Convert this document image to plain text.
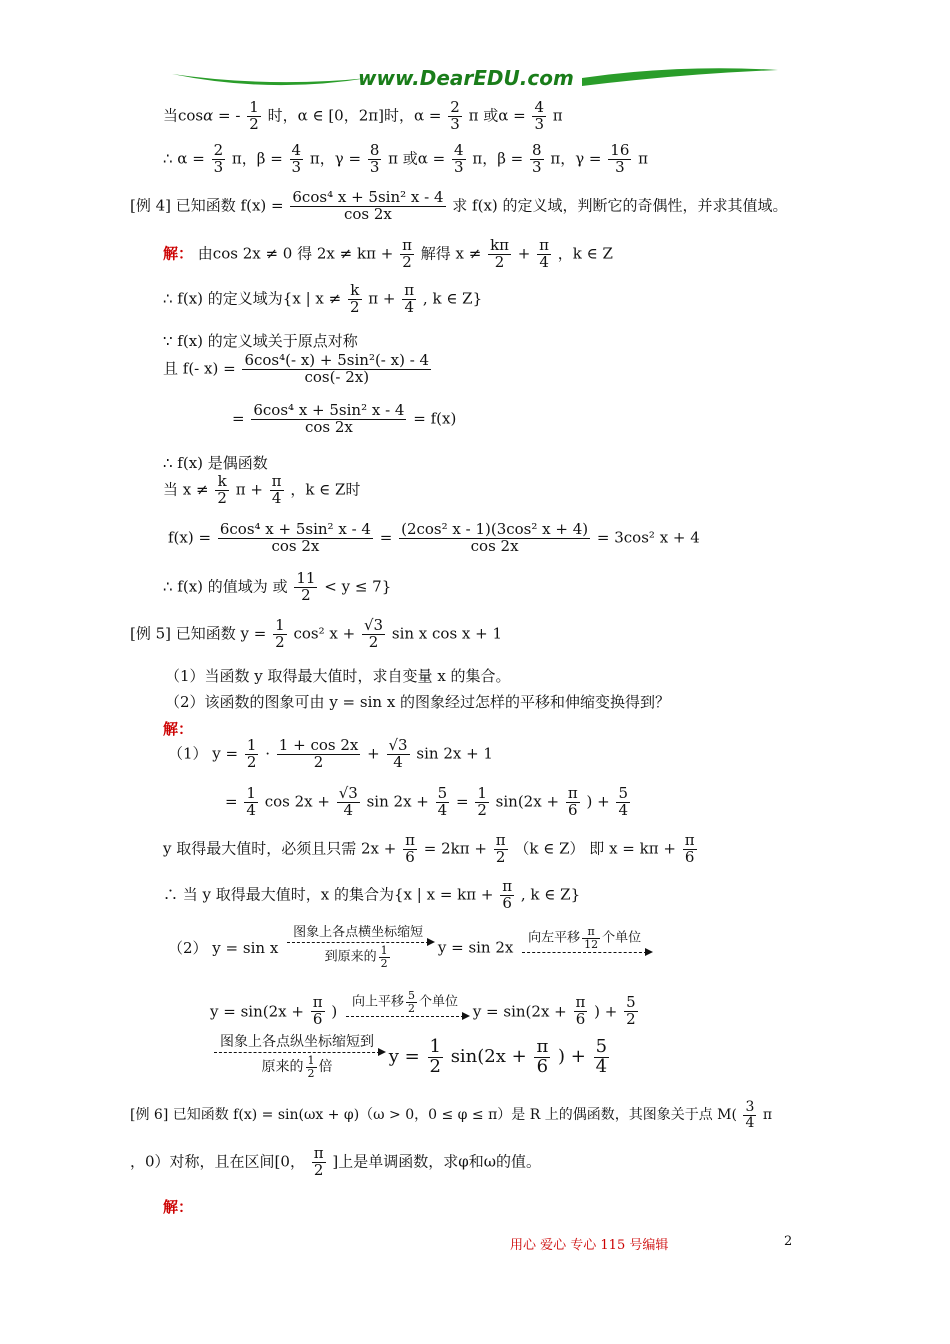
www.DearEDU.com
当cosα = - $\frac{1}{2}$ 时，α ∈ [0，2π]时，$\alpha = \frac{2}{3}$ π 或$\alpha = \frac{4}{3}$ π
∴ $\alpha = \frac{2}{3}$ π，$\beta = \frac{4}{3}$ π，$\gamma = \frac{8}{3}$ π 或$\alpha = \frac{4}{3}$ π，$\beta = \frac{8}{3}$ π，$\gamma = \frac{16}{3}$ π
[例 4] 已知函数 $f(x) = \frac{\text{6cos⁴ x + 5sin² x - 4}}{\cos 2x}$ 求 f(x) 的定义域，判断它的奇偶性，并求其值域。
解： 由cos 2x ≠ 0 得 $2x \ne k\pi + \frac{\pi}{2}$ 解得 $x \ne \frac{k\pi}{2} + \frac{\pi}{4}$ ，k ∈ Z
∴ f(x) 的定义域为{x | $x \ne \frac{k}{2}$ $\pi + \frac{\pi}{4}$ , k ∈ Z}
∵ f(x) 的定义域关于原点对称
且 f(- $x) = \frac{\text{6cos⁴(- x) + 5sin²(- x) - 4}}{\cos(- 2x)}$
= $\frac{\text{6cos⁴ x + 5sin² x - 4}}{\cos 2x} = f(x)$
∴ f(x) 是偶函数
当 $x \ne \frac{k}{2}$ $\pi + \frac{\pi}{4}$ ，k ∈ Z时
$f(x) = \frac{\text{6cos⁴ x + 5sin² x - 4}}{\cos 2x} = \frac{\text{(2cos² x - 1)(3cos² x + 4)}}{\cos 2x} = 3\cos^2$ x + 4
∴ f(x) 的值域为 或 $\frac{11}{2} < y \le 7$}
[例 5] 已知函数 $y = \frac{1}{2} \cos^2$ $x + \frac{√3}{2}$ sin x cos x + 1
（1）当函数 y 取得最大值时，求自变量 x 的集合。
（2）该函数的图象可由 y = sin x 的图象经过怎样的平移和伸缩变换得到？
解：
（1） $y = \frac{1}{2} \cdot \frac{1 + \cos 2x}{2} + \frac{√3}{4}$ sin 2x + 1
= $\frac{1}{4}$ $\cos 2x + \frac{√3}{4}$ $\sin 2x + \frac{5}{4} = \frac{1}{2} \sin(2x + \frac{\pi}{6}$ ) + $\frac{5}{4}$
y 取得最大值时，必须且只需 $2x + \frac{\pi}{6} = 2k\pi + \frac{\pi}{2} (k$ ∈ Z） 即 $x = k\pi + \frac{\pi}{6}$
∴ 当 y 取得最大值时，x 的集合为{x | $x = k\pi + \frac{\pi}{6}$ , k ∈ Z}
（2） y = sin x
图象上各点横坐标缩短
到原来的 $\frac{1}{2}$	y = sin 2x
向左平移 $\frac{\pi}{12}$ 个单位

$y = \sin(2x + \frac{\pi}{6}$ )
向上平移 $\frac{5}{2}$ 个单位

$y = \sin(2x + \frac{\pi}{6}$ ) + $\frac{5}{2}$
图象上各点纵坐标缩短到
原来的 $\frac{1}{2}$ 倍
$y = \frac{1}{2} \sin(2x + \frac{\pi}{6}$ ) + $\frac{5}{4}$
[例 6] 已知函数 f(x) = sin(ωx + φ)（ω > 0，0 ≤ φ ≤ π）是 R 上的偶函数，其图象关于点 $M( \frac{3}{4}$ π
，0）对称，且在区间[0， $\frac{\pi}{2}$ ]上是单调函数，求φ和ω的值。
解：
用心 爱心 专心 115 号编辑	2
